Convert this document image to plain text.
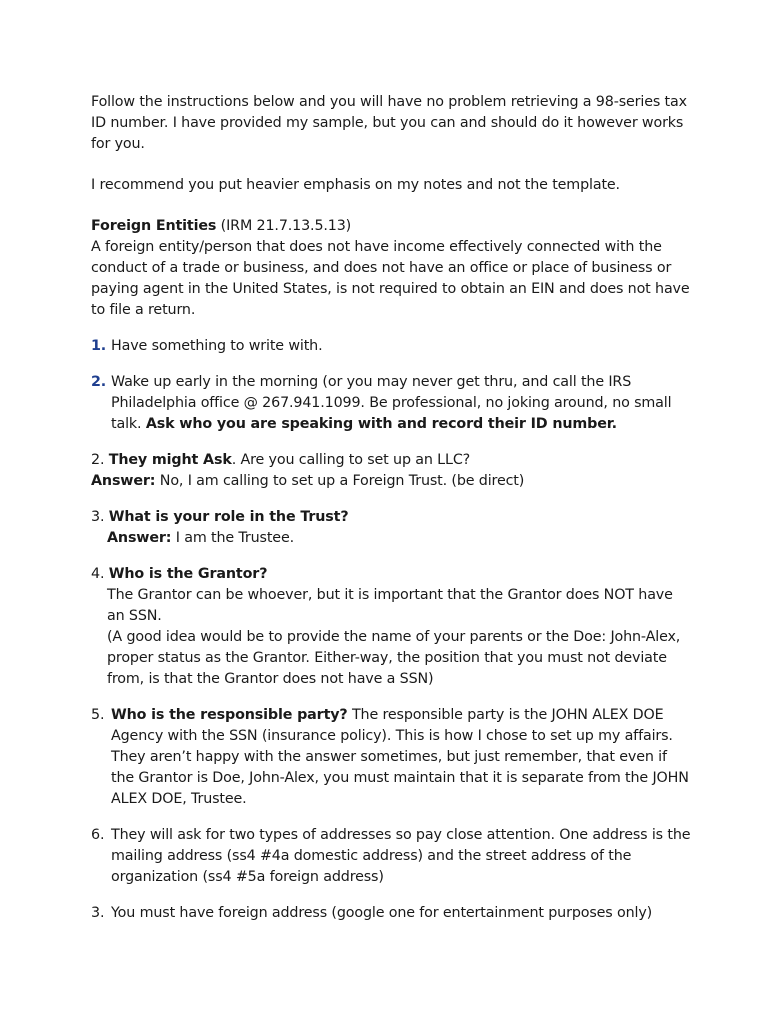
Follow the instructions below and you will have no problem retrieving a 98-series tax ID number. I have provided my sample, but you can and should do it however works for you.

I recommend you put heavier emphasis on my notes and not the template.

Foreign Entities (IRM 21.7.13.5.13)

A foreign entity/person that does not have income effectively connected with the conduct of a trade or business, and does not have an office or place of business or paying agent in the United States, is not required to obtain an EIN and does not have to file a return.

1. Have something to write with.
2. Wake up early in the morning (or you may never get thru, and call the IRS Philadelphia office @ 267.941.1099. Be professional, no joking around, no small talk. Ask who you are speaking with and record their ID number.

2. They might Ask. Are you calling to set up an LLC?

Answer: No, I am calling to set up a Foreign Trust. (be direct)

3. What is your role in the Trust?

Answer: I am the Trustee.

4. Who is the Grantor?

The Grantor can be whoever, but it is important that the Grantor does NOT have an SSN.

(A good idea would be to provide the name of your parents or the Doe: John-Alex, proper status as the Grantor. Either-way, the position that you must not deviate from, is that the Grantor does not have a SSN)

5. Who is the responsible party? The responsible party is the JOHN ALEX DOE Agency with the SSN (insurance policy). This is how I chose to set up my affairs. They aren’t happy with the answer sometimes, but just remember, that even if the Grantor is Doe, John-Alex, you must maintain that it is separate from the JOHN ALEX DOE, Trustee.
6. They will ask for two types of addresses so pay close attention. One address is the mailing address (ss4 #4a domestic address) and the street address of the organization (ss4 #5a foreign address)
3. You must have foreign address (google one for entertainment purposes only)
